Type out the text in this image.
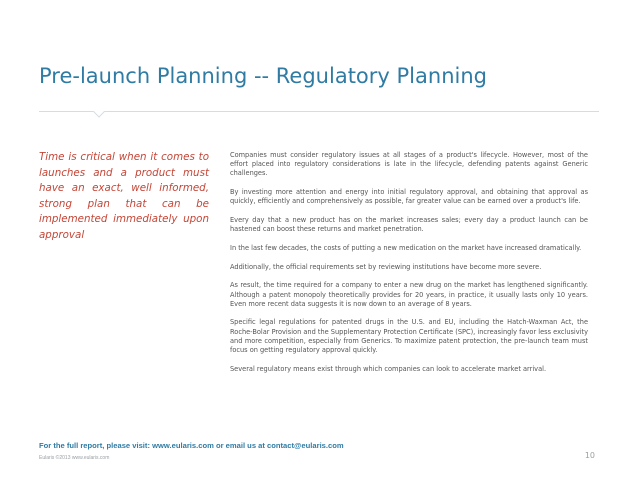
Pre-launch Planning -- Regulatory Planning

Time is critical when it comes to launches and a product must have an exact, well informed, strong plan that can be implemented immediately upon approval

Companies must consider regulatory issues at all stages of a product's lifecycle. However, most of the effort placed into regulatory considerations is late in the lifecycle, defending patents against Generic challenges.

By investing more attention and energy into initial regulatory approval, and obtaining that approval as quickly, efficiently and comprehensively as possible, far greater value can be earned over a product's life.

Every day that a new product has on the market increases sales; every day a product launch can be hastened can boost these returns and market penetration.

In the last few decades, the costs of putting a new medication on the market have increased dramatically.

Additionally, the official requirements set by reviewing institutions have become more severe.

As result, the time required for a company to enter a new drug on the market has lengthened significantly. Although a patent monopoly theoretically provides for 20 years, in practice, it usually lasts only 10 years. Even more recent data suggests it is now down to an average of 8 years.

Specific legal regulations for patented drugs in the U.S. and EU, including the Hatch-Waxman Act, the Roche-Bolar Provision and the Supplementary Protection Certificate (SPC), increasingly favor less exclusivity and more competition, especially from Generics. To maximize patent protection, the pre-launch team must focus on getting regulatory approval quickly.

Several regulatory means exist through which companies can look to accelerate market arrival.

For the full report, please visit: www.eularis.com or email us at contact@eularis.com
Eularis ©2013 www.eularis.com	10
